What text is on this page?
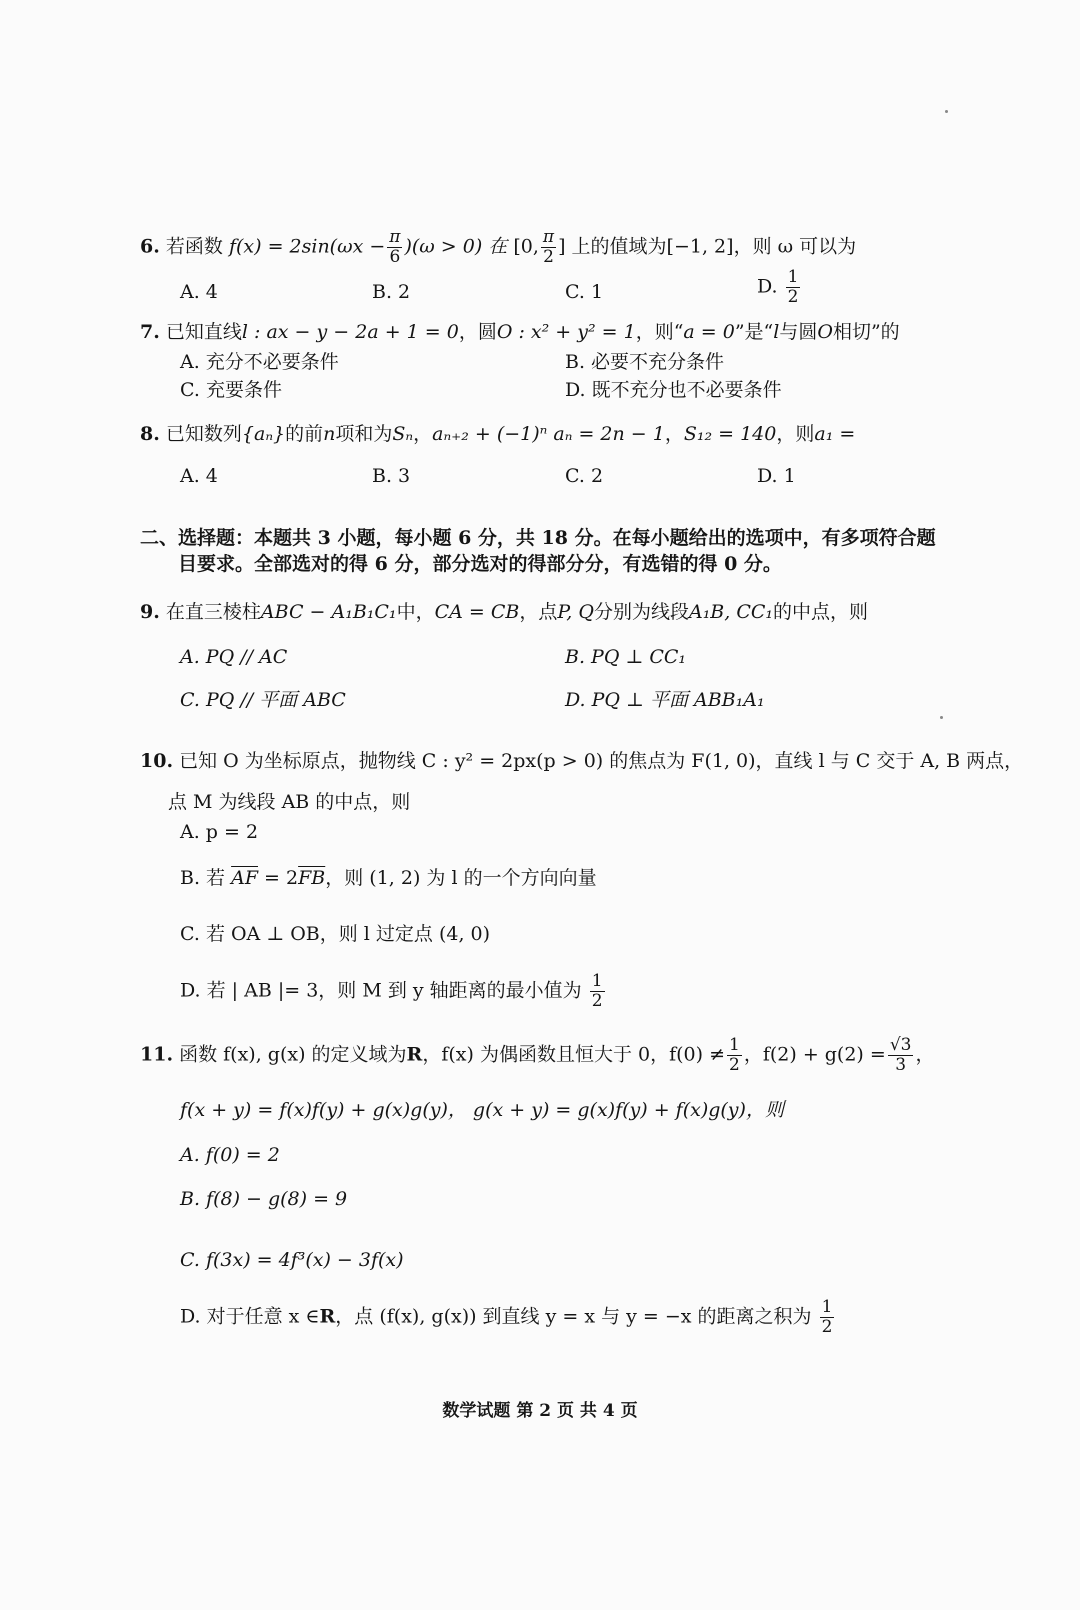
6. 若函数 $f(x) = 2\sin(\omega x - \frac{\pi}{6} )(\omega > 0)$ 在 [0, $\frac{\pi}{2}$ ] 上的值域为[−1, 2]，则 ω 可以为
A. 4	B. 2	C. 1	D. $\frac{1}{2}$
7. 已知直线l : ax − y − 2a + 1 = 0，圆O : x² + y² = 1，则“a = 0”是“l与圆O相切”的
A. 充分不必要条件	B. 必要不充分条件
C. 充要条件	D. 既不充分也不必要条件
8. 已知数列{aₙ}的前n项和为Sₙ，aₙ₊₂ + (−1)ⁿ aₙ = 2n − 1，S₁₂ = 140，则a₁ =
A. 4	B. 3	C. 2	D. 1
二、选择题：本题共 3 小题，每小题 6 分，共 18 分。在每小题给出的选项中，有多项符合题
目要求。全部选对的得 6 分，部分选对的得部分分，有选错的得 0 分。
9. 在直三棱柱ABC − A₁B₁C₁中，CA = CB，点P, Q分别为线段A₁B, CC₁的中点，则
A. PQ // AC	B. PQ ⊥ CC₁
C. PQ // 平面 ABC	D. PQ ⊥ 平面 ABB₁A₁
10. 已知 O 为坐标原点，抛物线 C : y² = 2px(p > 0) 的焦点为 F(1, 0)，直线 l 与 C 交于 A, B 两点，
点 M 为线段 AB 的中点，则
A. p = 2
B. 若 $\overline{AF} = 2\overline{FB}$，则 (1, 2) 为 l 的一个方向向量
C. 若 OA ⊥ OB，则 l 过定点 (4, 0)
D. 若 | AB |= 3，则 M 到 y 轴距离的最小值为 $\frac{1}{2}$
11. 函数 f(x), g(x) 的定义域为R，f(x) 为偶函数且恒大于 0，$f(0) \ne \frac{1}{2}$ ，$f(2) + g(2) = \frac{√3}{3}$ ，
f(x + y) = f(x)f(y) + g(x)g(y)， g(x + y) = g(x)f(y) + f(x)g(y)，则
A. f(0) = 2
B. f(8) − g(8) = 9
C. f(3x) = 4f³(x) − 3f(x)
D. 对于任意 x ∈R，点 (f(x), g(x)) 到直线 y = x 与 y = −x 的距离之积为 $\frac{1}{2}$
数学试题 第 2 页 共 4 页
